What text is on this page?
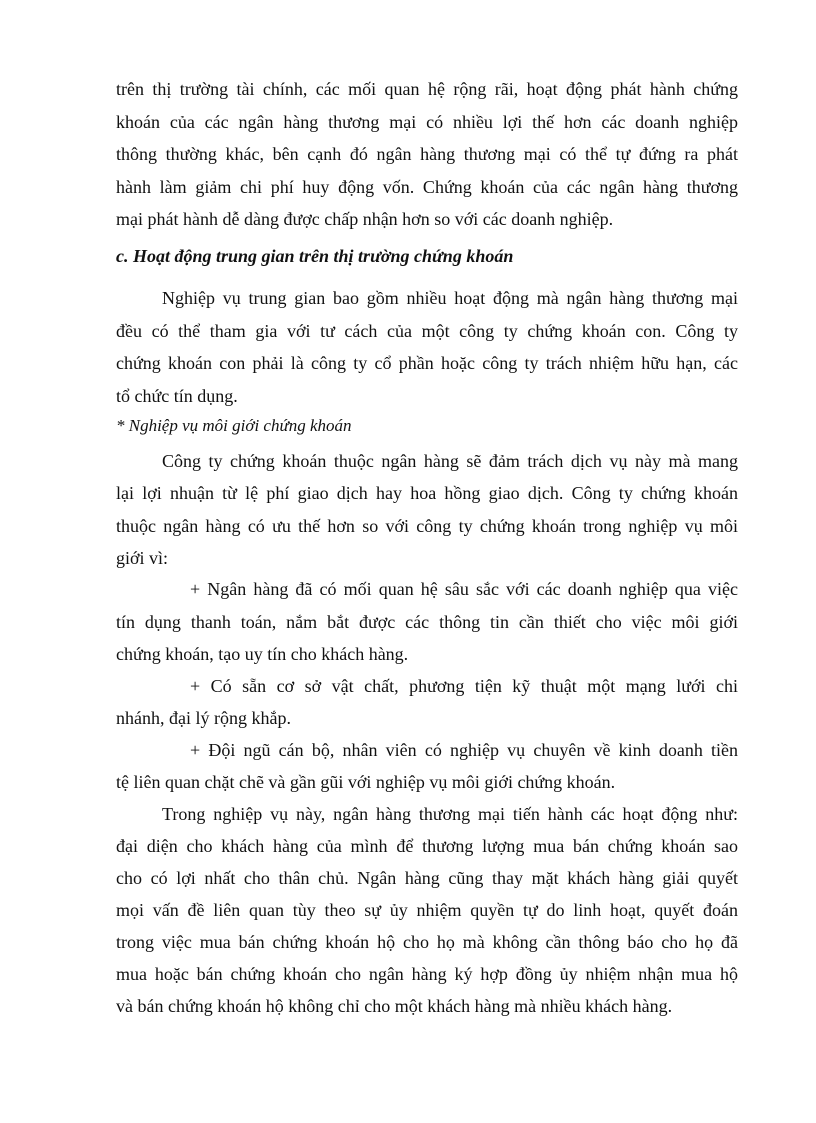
trên thị trường tài chính, các mối quan hệ rộng rãi, hoạt động phát hành chứng
khoán của các ngân hàng thương mại có nhiều lợi thế hơn các doanh nghiệp
thông thường khác, bên cạnh đó ngân hàng thương mại có thể tự đứng ra phát
hành làm giảm chi phí huy động vốn. Chứng khoán của các ngân hàng thương
mại phát hành dễ dàng được chấp nhận hơn so với các doanh nghiệp.
c. Hoạt động trung gian trên thị trường chứng khoán
Nghiệp vụ trung gian bao gồm nhiều hoạt động mà ngân hàng thương mại
đều có thể tham gia với tư cách của một công ty chứng khoán con. Công ty
chứng khoán con phải là công ty cổ phần hoặc công ty trách nhiệm hữu hạn, các
tổ chức tín dụng.
* Nghiệp vụ môi giới chứng khoán
Công ty chứng khoán thuộc ngân hàng sẽ đảm trách dịch vụ này mà mang
lại lợi nhuận từ lệ phí giao dịch hay hoa hồng giao dịch. Công ty chứng khoán
thuộc ngân hàng có ưu thế hơn so với công ty chứng khoán trong nghiệp vụ môi
giới vì:
+ Ngân hàng đã có mối quan hệ sâu sắc với các doanh nghiệp qua việc
tín dụng thanh toán, nắm bắt được các thông tin cần thiết cho việc môi giới
chứng khoán, tạo uy tín cho khách hàng.
+ Có sẵn cơ sở vật chất, phương tiện kỹ thuật một mạng lưới chi
nhánh, đại lý rộng khắp.
+ Đội ngũ cán bộ, nhân viên có nghiệp vụ chuyên về kinh doanh tiền
tệ liên quan chặt chẽ và gần gũi với nghiệp vụ môi giới chứng khoán.
Trong nghiệp vụ này, ngân hàng thương mại tiến hành các hoạt động như:
đại diện cho khách hàng của mình để thương lượng mua bán chứng khoán sao
cho có lợi nhất cho thân chủ. Ngân hàng cũng thay mặt khách hàng giải quyết
mọi vấn đề liên quan tùy theo sự ủy nhiệm quyền tự do linh hoạt, quyết đoán
trong việc mua bán chứng khoán hộ cho họ mà không cần thông báo cho họ đã
mua hoặc bán chứng khoán cho ngân hàng ký hợp đồng ủy nhiệm nhận mua hộ
và bán chứng khoán hộ không chỉ cho một khách hàng mà nhiều khách hàng.
